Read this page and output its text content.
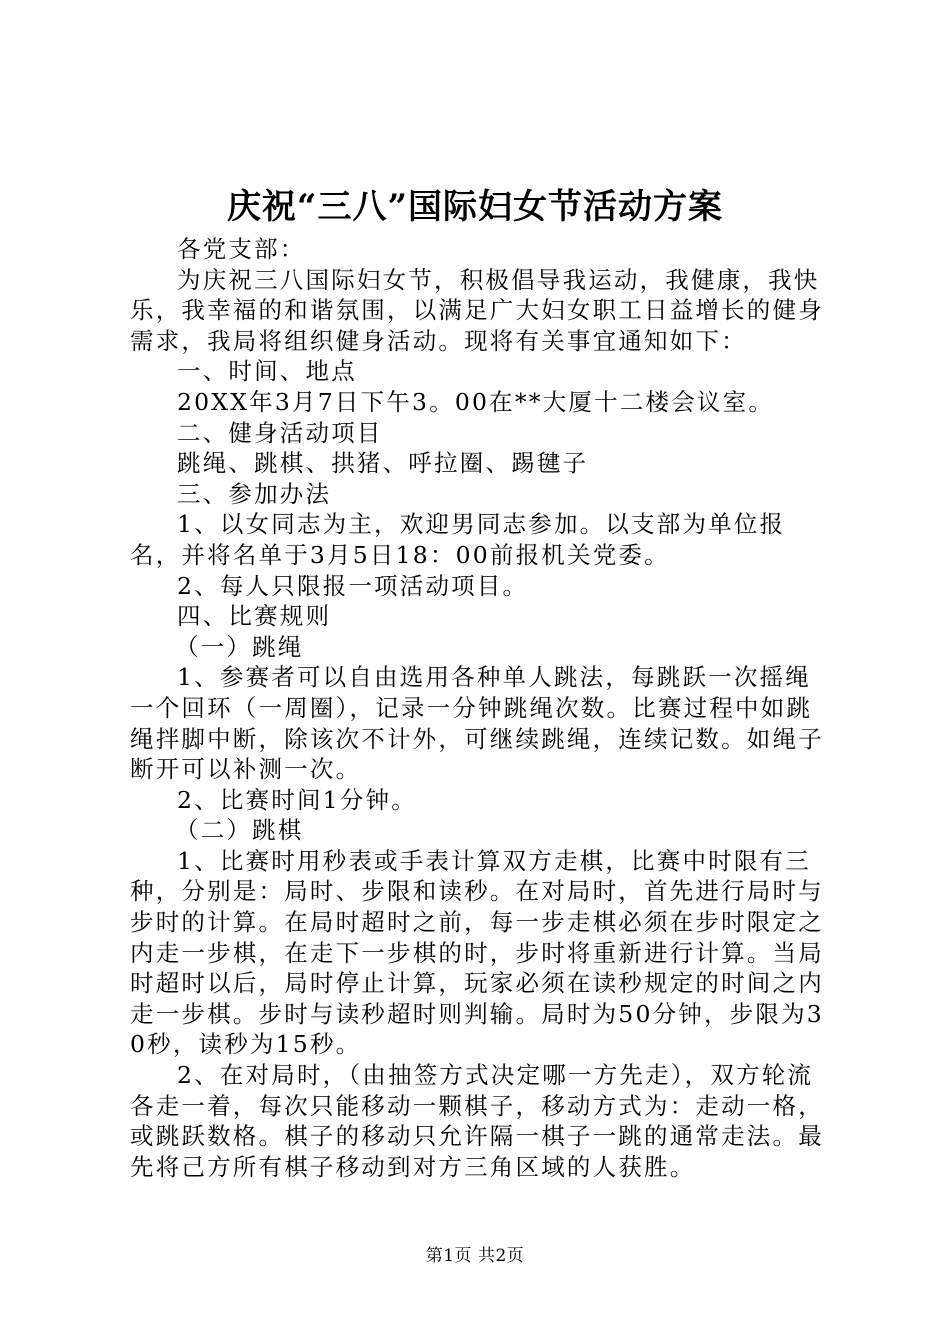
庆祝“三八”国际妇女节活动方案

各党支部：

为庆祝三八国际妇女节，积极倡导我运动，我健康，我快乐，我幸福的和谐氛围，以满足广大妇女职工日益增长的健身需求，我局将组织健身活动。现将有关事宜通知如下：

一、时间、地点

20XX年3月7日下午3。00在**大厦十二楼会议室。

二、健身活动项目

跳绳、跳棋、拱猪、呼拉圈、踢毽子

三、参加办法

1、以女同志为主，欢迎男同志参加。以支部为单位报名，并将名单于3月5日18：00前报机关党委。

2、每人只限报一项活动项目。

四、比赛规则

（一）跳绳

1、参赛者可以自由选用各种单人跳法，每跳跃一次摇绳一个回环（一周圈），记录一分钟跳绳次数。比赛过程中如跳绳拌脚中断，除该次不计外，可继续跳绳，连续记数。如绳子断开可以补测一次。

2、比赛时间1分钟。

（二）跳棋

1、比赛时用秒表或手表计算双方走棋，比赛中时限有三种，分别是：局时、步限和读秒。在对局时，首先进行局时与步时的计算。在局时超时之前，每一步走棋必须在步时限定之内走一步棋，在走下一步棋的时，步时将重新进行计算。当局时超时以后，局时停止计算，玩家必须在读秒规定的时间之内走一步棋。步时与读秒超时则判输。局时为50分钟，步限为30秒，读秒为15秒。

2、在对局时，（由抽签方式决定哪一方先走），双方轮流各走一着，每次只能移动一颗棋子，移动方式为：走动一格，或跳跃数格。棋子的移动只允许隔一棋子一跳的通常走法。最先将己方所有棋子移动到对方三角区域的人获胜。

第1页 共2页
